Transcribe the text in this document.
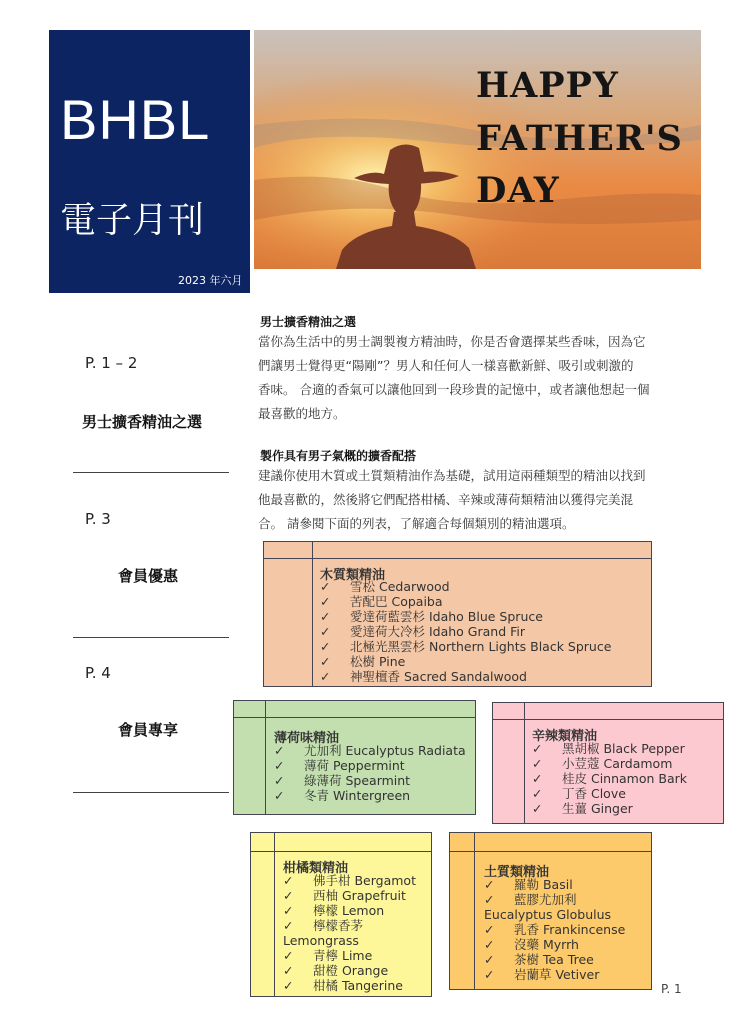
BHBL
電子月刊
2023 年六月
HAPPY
FATHER'S
DAY
P. 1 – 2
男士擴香精油之選
P. 3
會員優惠
P. 4
會員專享
男士擴香精油之選
當你為生活中的男士調製複方精油時，你是否會選擇某些香味，因為它
們讓男士覺得更“陽剛”？男人和任何人一樣喜歡新鮮、吸引或刺激的
香味。 合適的香氣可以讓他回到一段珍貴的記憶中，或者讓他想起一個
最喜歡的地方。
製作具有男子氣概的擴香配搭
建議你使用木質或土質類精油作為基礎，試用這兩種類型的精油以找到
他最喜歡的，然後將它們配搭柑橘、辛辣或薄荷類精油以獲得完美混
合。 請參閱下面的列表，了解適合每個類別的精油選項。
木質類精油
✓ 雪松 Cedarwood
✓ 苦配巴 Copaiba
✓ 愛達荷藍雲杉 Idaho Blue Spruce
✓ 愛達荷大冷杉 Idaho Grand Fir
✓ 北極光黑雲杉 Northern Lights Black Spruce
✓ 松樹 Pine
✓ 神聖檀香 Sacred Sandalwood
薄荷味精油
✓ 尤加利 Eucalyptus Radiata
✓ 薄荷 Peppermint
✓ 綠薄荷 Spearmint
✓ 冬青 Wintergreen
辛辣類精油
✓ 黑胡椒 Black Pepper
✓ 小荳蔻 Cardamom
✓ 桂皮 Cinnamon Bark
✓ 丁香 Clove
✓ 生薑 Ginger
柑橘類精油
✓ 佛手柑 Bergamot
✓ 西柚 Grapefruit
✓ 檸檬 Lemon
✓ 檸檬香茅
Lemongrass
✓ 青檸 Lime
✓ 甜橙 Orange
✓ 柑橘 Tangerine
土質類精油
✓ 羅勒 Basil
✓ 藍膠尤加利
Eucalyptus Globulus
✓ 乳香 Frankincense
✓ 沒藥 Myrrh
✓ 茶樹 Tea Tree
✓ 岩蘭草 Vetiver
P. 1
